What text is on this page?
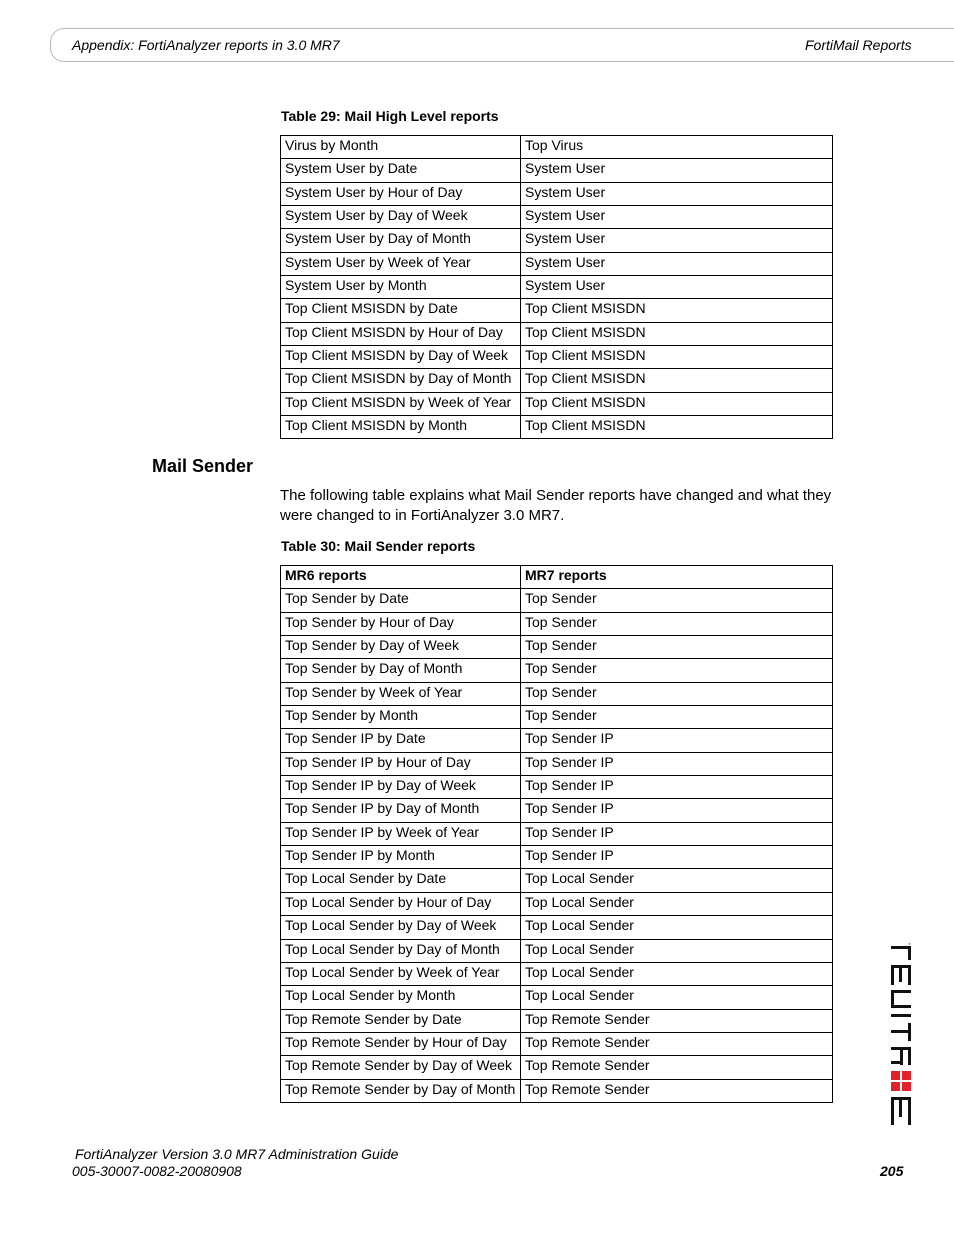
Appendix: FortiAnalyzer reports in 3.0 MR7	FortiMail Reports
Table 29: Mail High Level reports
Virus by Month	Top Virus
System User by Date	System User
System User by Hour of Day	System User
System User by Day of Week	System User
System User by Day of Month	System User
System User by Week of Year	System User
System User by Month	System User
Top Client MSISDN by Date	Top Client MSISDN
Top Client MSISDN by Hour of Day	Top Client MSISDN
Top Client MSISDN by Day of Week	Top Client MSISDN
Top Client MSISDN by Day of Month	Top Client MSISDN
Top Client MSISDN by Week of Year	Top Client MSISDN
Top Client MSISDN by Month	Top Client MSISDN
Mail Sender
The following table explains what Mail Sender reports have changed and what they were changed to in FortiAnalyzer 3.0 MR7.
Table 30: Mail Sender reports
MR6 reports	MR7 reports
Top Sender by Date	Top Sender
Top Sender by Hour of Day	Top Sender
Top Sender by Day of Week	Top Sender
Top Sender by Day of Month	Top Sender
Top Sender by Week of Year	Top Sender
Top Sender by Month	Top Sender
Top Sender IP by Date	Top Sender IP
Top Sender IP by Hour of Day	Top Sender IP
Top Sender IP by Day of Week	Top Sender IP
Top Sender IP by Day of Month	Top Sender IP
Top Sender IP by Week of Year	Top Sender IP
Top Sender IP by Month	Top Sender IP
Top Local Sender by Date	Top Local Sender
Top Local Sender by Hour of Day	Top Local Sender
Top Local Sender by Day of Week	Top Local Sender
Top Local Sender by Day of Month	Top Local Sender
Top Local Sender by Week of Year	Top Local Sender
Top Local Sender by Month	Top Local Sender
Top Remote Sender by Date	Top Remote Sender
Top Remote Sender by Hour of Day	Top Remote Sender
Top Remote Sender by Day of Week	Top Remote Sender
Top Remote Sender by Day of Month	Top Remote Sender
FortiAnalyzer Version 3.0 MR7 Administration Guide
005-30007-0082-20080908	205
®
